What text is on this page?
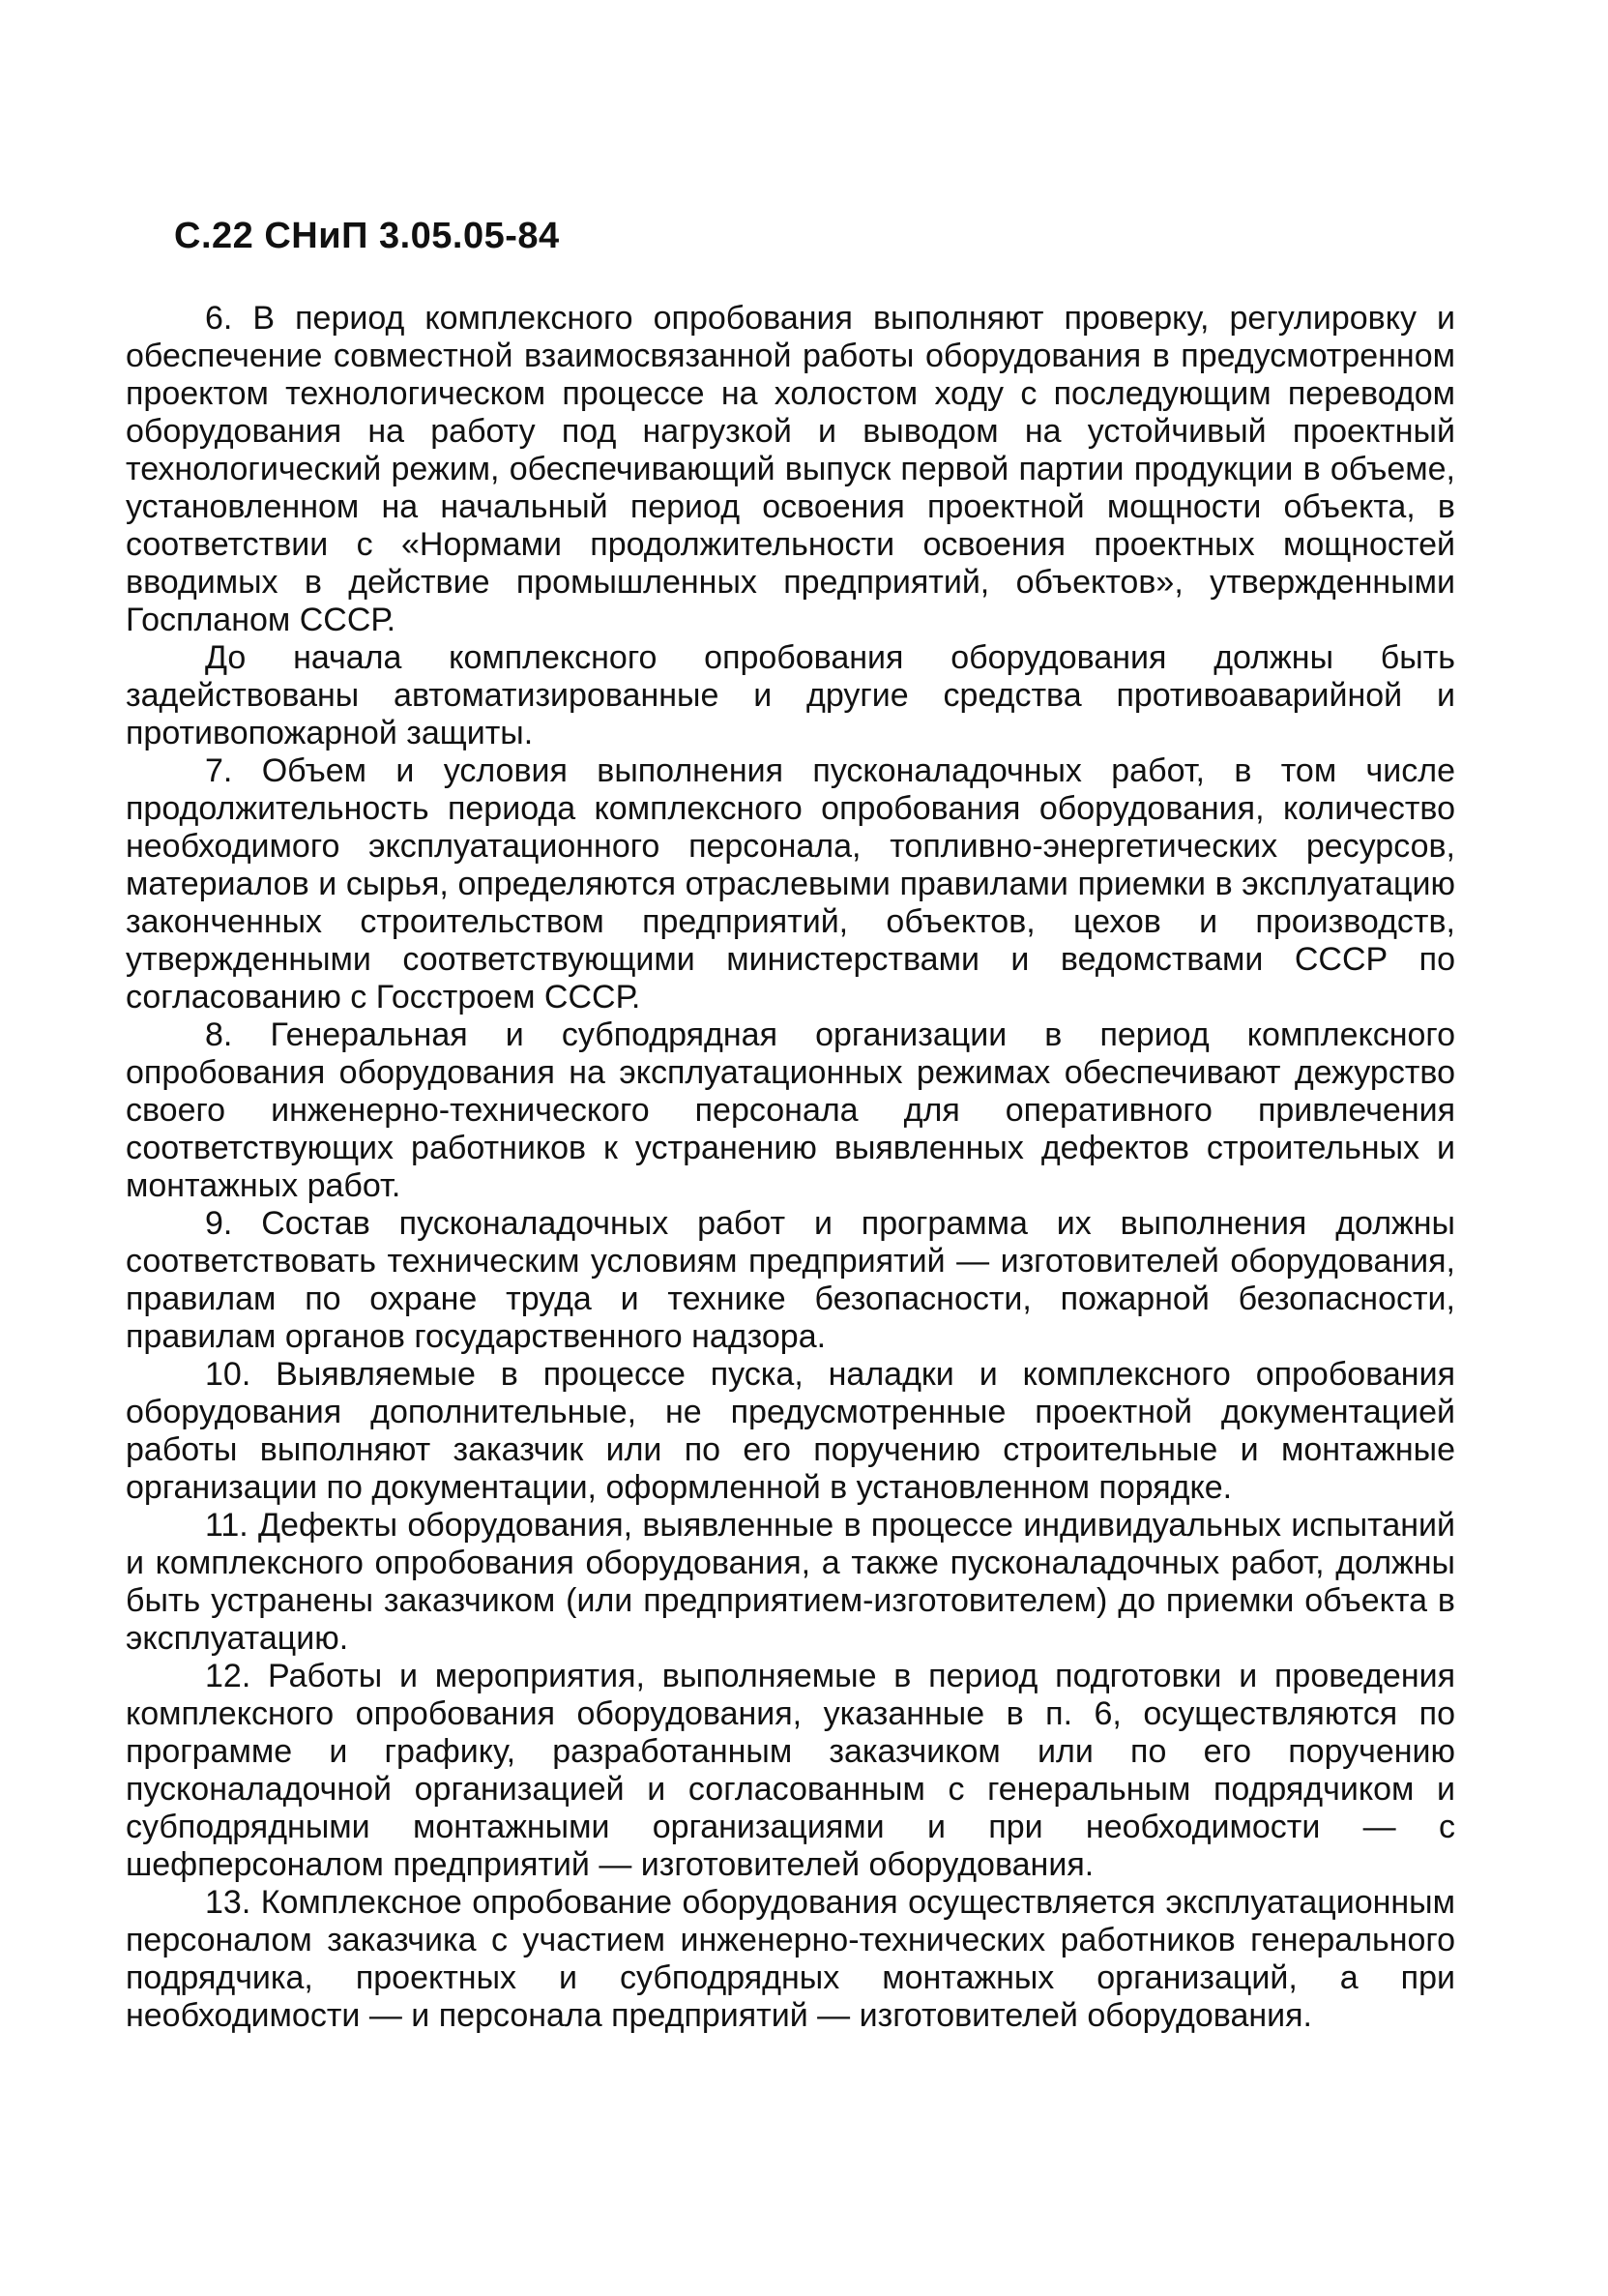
С.22 СНиП 3.05.05-84

6. В период комплексного опробования выполняют проверку, регулировку и обеспечение совместной взаимосвязанной работы оборудования в предусмотренном проектом технологическом процессе на холостом ходу с последующим переводом оборудования на работу под нагрузкой и выводом на устойчивый проектный технологический режим, обеспечивающий выпуск первой партии продукции в объеме, установленном на начальный период освоения проектной мощности объекта, в соответствии с «Нормами продолжительности освоения проектных мощностей вводимых в действие промышленных предприятий, объектов», утвержденными Госпланом СССР.

До начала комплексного опробования оборудования должны быть задействованы автоматизированные и другие средства противоаварийной и противопожарной защиты.

7. Объем и условия выполнения пусконаладочных работ, в том числе продолжительность периода комплексного опробования оборудования, количество необходимого эксплуатационного персонала, топливно-энергетических ресурсов, материалов и сырья, определяются отраслевыми правилами приемки в эксплуатацию законченных строительством предприятий, объектов, цехов и производств, утвержденными соответствующими министерствами и ведомствами СССР по согласованию с Госстроем СССР.

8. Генеральная и субподрядная организации в период комплексного опробования оборудования на эксплуатационных режимах обеспечивают дежурство своего инженерно-технического персонала для оперативного привлечения соответствующих работников к устранению выявленных дефектов строительных и монтажных работ.

9. Состав пусконаладочных работ и программа их выполнения должны соответствовать техническим условиям предприятий — изготовителей оборудования, правилам по охране труда и технике безопасности, пожарной безопасности, правилам органов государственного надзора.

10. Выявляемые в процессе пуска, наладки и комплексного опробования оборудования дополнительные, не предусмотренные проектной документацией работы выполняют заказчик или по его поручению строительные и монтажные организации по документации, оформленной в установленном порядке.

11. Дефекты оборудования, выявленные в процессе индивидуальных испытаний и комплексного опробования оборудования, а также пусконаладочных работ, должны быть устранены заказчиком (или предприятием-изготовителем) до приемки объекта в эксплуатацию.

12. Работы и мероприятия, выполняемые в период подготовки и проведения комплексного опробования оборудования, указанные в п. 6, осуществляются по программе и графику, разработанным заказчиком или по его поручению пусконаладочной организацией и согласованным с генеральным подрядчиком и субподрядными монтажными организациями и при необходимости — с шефперсоналом предприятий — изготовителей оборудования.

13. Комплексное опробование оборудования осуществляется эксплуатационным персоналом заказчика с участием инженерно-технических работников генерального подрядчика, проектных и субподрядных монтажных организаций, а при необходимости — и персонала предприятий — изготовителей оборудования.
